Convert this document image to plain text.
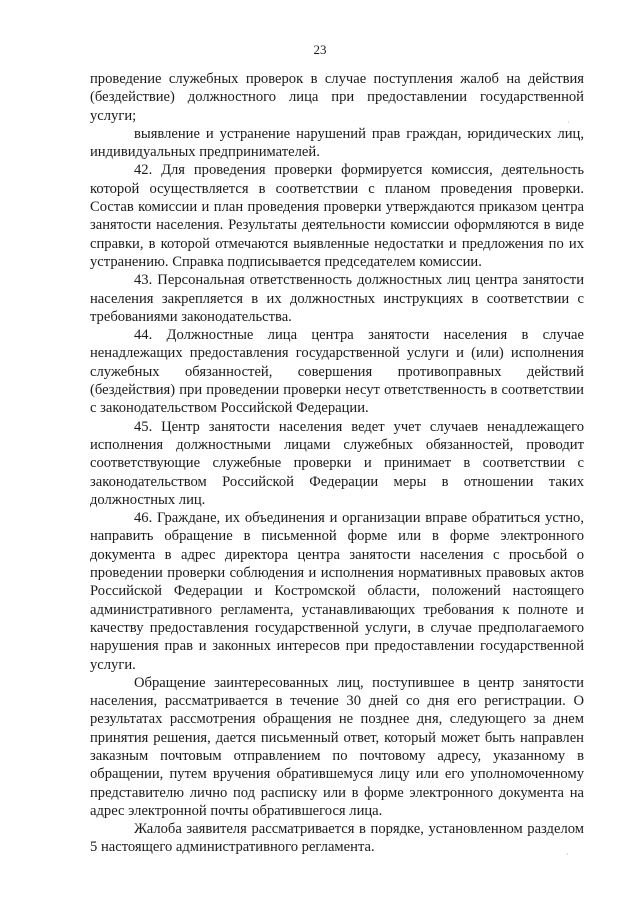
23

проведение служебных проверок в случае поступления жалоб на действия (бездействие) должностного лица при предоставлении государственной услуги;

выявление и устранение нарушений прав граждан, юридических лиц, индивидуальных предпринимателей.

42. Для проведения проверки формируется комиссия, деятельность которой осуществляется в соответствии с планом проведения проверки. Состав комиссии и план проведения проверки утверждаются приказом центра занятости населения. Результаты деятельности комиссии оформляются в виде справки, в которой отмечаются выявленные недостатки и предложения по их устранению. Справка подписывается председателем комиссии.

43. Персональная ответственность должностных лиц центра занятости населения закрепляется в их должностных инструкциях в соответствии с требованиями законодательства.

44. Должностные лица центра занятости населения в случае ненадлежащих предоставления государственной услуги и (или) исполнения служебных обязанностей, совершения противоправных действий (бездействия) при проведении проверки несут ответственность в соответствии с законодательством Российской Федерации.

45. Центр занятости населения ведет учет случаев ненадлежащего исполнения должностными лицами служебных обязанностей, проводит соответствующие служебные проверки и принимает в соответствии с законодательством Российской Федерации меры в отношении таких должностных лиц.

46. Граждане, их объединения и организации вправе обратиться устно, направить обращение в письменной форме или в форме электронного документа в адрес директора центра занятости населения с просьбой о проведении проверки соблюдения и исполнения нормативных правовых актов Российской Федерации и Костромской области, положений настоящего административного регламента, устанавливающих требования к полноте и качеству предоставления государственной услуги, в случае предполагаемого нарушения прав и законных интересов при предоставлении государственной услуги.

Обращение заинтересованных лиц, поступившее в центр занятости населения, рассматривается в течение 30 дней со дня его регистрации. О результатах рассмотрения обращения не позднее дня, следующего за днем принятия решения, дается письменный ответ, который может быть направлен заказным почтовым отправлением по почтовому адресу, указанному в обращении, путем вручения обратившемуся лицу или его уполномоченному представителю лично под расписку или в форме электронного документа на адрес электронной почты обратившегося лица.

Жалоба заявителя рассматривается в порядке, установленном разделом 5 настоящего административного регламента.

·
·
